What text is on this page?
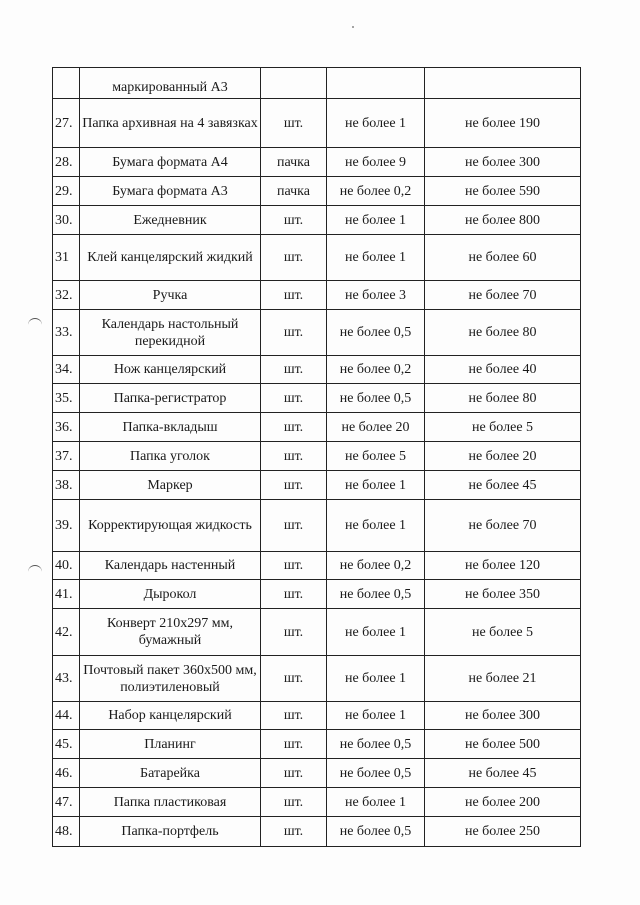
	маркированный А3			
27.	Папка архивная на 4 завязках	шт.	не более 1	не более 190
28.	Бумага формата А4	пачка	не более 9	не более 300
29.	Бумага формата А3	пачка	не более 0,2	не более 590
30.	Ежедневник	шт.	не более 1	не более 800
31	Клей канцелярский жидкий	шт.	не более 1	не более 60
32.	Ручка	шт.	не более 3	не более 70
33.	Календарь настольный перекидной	шт.	не более 0,5	не более 80
34.	Нож канцелярский	шт.	не более 0,2	не более 40
35.	Папка-регистратор	шт.	не более 0,5	не более 80
36.	Папка-вкладыш	шт.	не более 20	не более 5
37.	Папка уголок	шт.	не более 5	не более 20
38.	Маркер	шт.	не более 1	не более 45
39.	Корректирующая жидкость	шт.	не более 1	не более 70
40.	Календарь настенный	шт.	не более 0,2	не более 120
41.	Дырокол	шт.	не более 0,5	не более 350
42.	Конверт 210x297 мм, бумажный	шт.	не более 1	не более 5
43.	Почтовый пакет 360x500 мм, полиэтиленовый	шт.	не более 1	не более 21
44.	Набор канцелярский	шт.	не более 1	не более 300
45.	Планинг	шт.	не более 0,5	не более 500
46.	Батарейка	шт.	не более 0,5	не более 45
47.	Папка пластиковая	шт.	не более 1	не более 200
48.	Папка-портфель	шт.	не более 0,5	не более 250
